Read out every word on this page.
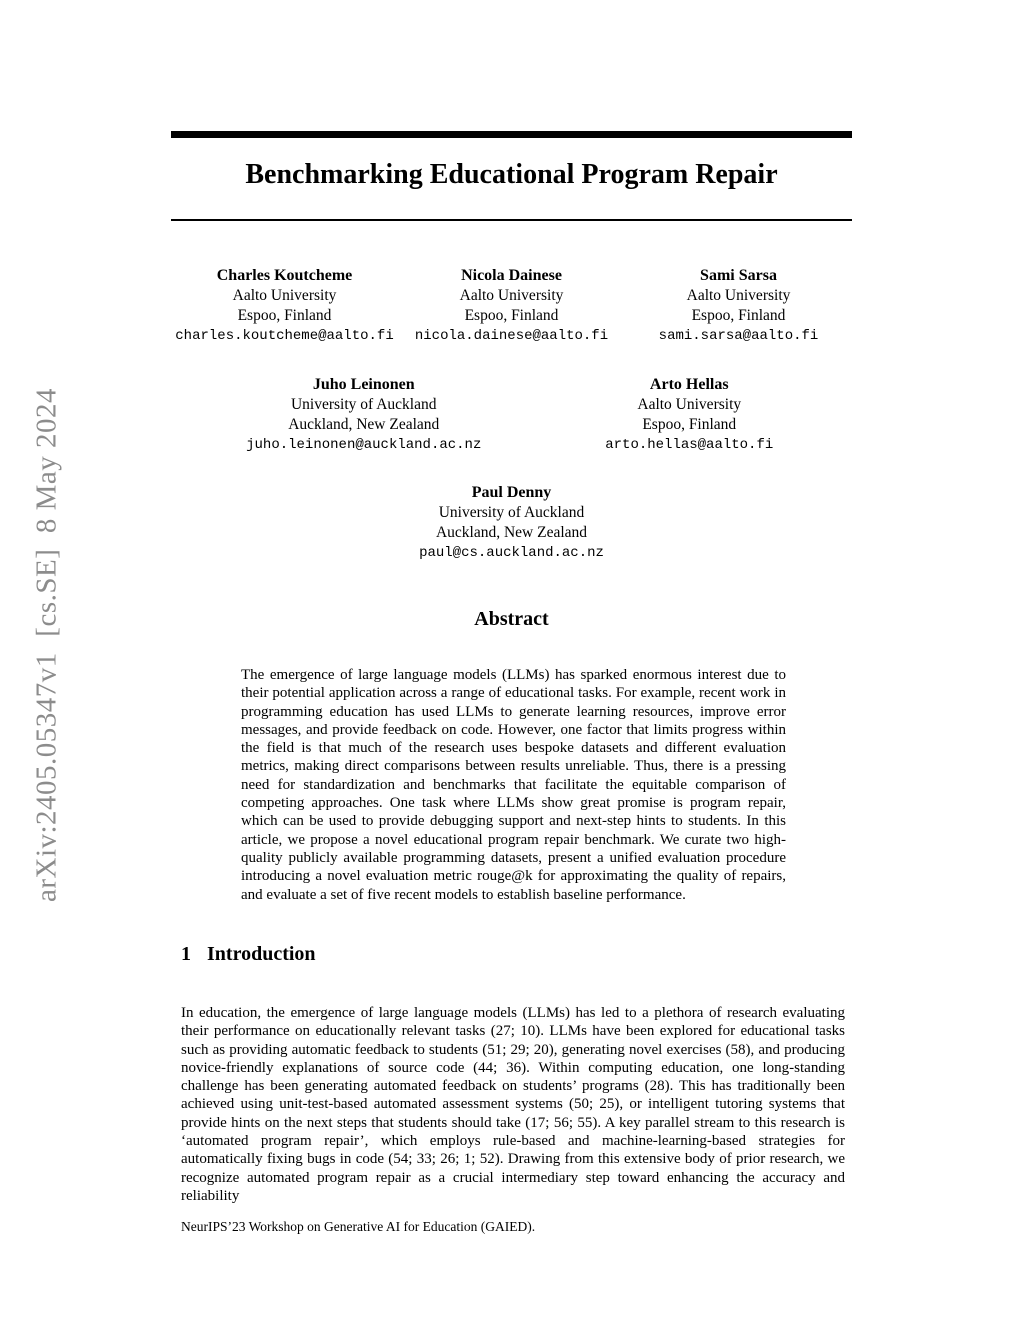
arXiv:2405.05347v1  [cs.SE]  8 May 2024
Benchmarking Educational Program Repair
Charles Koutcheme
Aalto University
Espoo, Finland
charles.koutcheme@aalto.fi
Nicola Dainese
Aalto University
Espoo, Finland
nicola.dainese@aalto.fi
Sami Sarsa
Aalto University
Espoo, Finland
sami.sarsa@aalto.fi
Juho Leinonen
University of Auckland
Auckland, New Zealand
juho.leinonen@auckland.ac.nz
Arto Hellas
Aalto University
Espoo, Finland
arto.hellas@aalto.fi
Paul Denny
University of Auckland
Auckland, New Zealand
paul@cs.auckland.ac.nz
Abstract

The emergence of large language models (LLMs) has sparked enormous interest due to their potential application across a range of educational tasks. For example, recent work in programming education has used LLMs to generate learning resources, improve error messages, and provide feedback on code. However, one factor that limits progress within the field is that much of the research uses bespoke datasets and different evaluation metrics, making direct comparisons between results unreliable. Thus, there is a pressing need for standardization and benchmarks that facilitate the equitable comparison of competing approaches. One task where LLMs show great promise is program repair, which can be used to provide debugging support and next-step hints to students. In this article, we propose a novel educational program repair benchmark. We curate two high-quality publicly available programming datasets, present a unified evaluation procedure introducing a novel evaluation metric rouge@k for approximating the quality of repairs, and evaluate a set of five recent models to establish baseline performance.

1 Introduction

In education, the emergence of large language models (LLMs) has led to a plethora of research evaluating their performance on educationally relevant tasks (27; 10). LLMs have been explored for educational tasks such as providing automatic feedback to students (51; 29; 20), generating novel exercises (58), and producing novice-friendly explanations of source code (44; 36). Within computing education, one long-standing challenge has been generating automated feedback on students’ programs (28). This has traditionally been achieved using unit-test-based automated assessment systems (50; 25), or intelligent tutoring systems that provide hints on the next steps that students should take (17; 56; 55). A key parallel stream to this research is ‘automated program repair’, which employs rule-based and machine-learning-based strategies for automatically fixing bugs in code (54; 33; 26; 1; 52). Drawing from this extensive body of prior research, we recognize automated program repair as a crucial intermediary step toward enhancing the accuracy and reliability

NeurIPS’23 Workshop on Generative AI for Education (GAIED).
